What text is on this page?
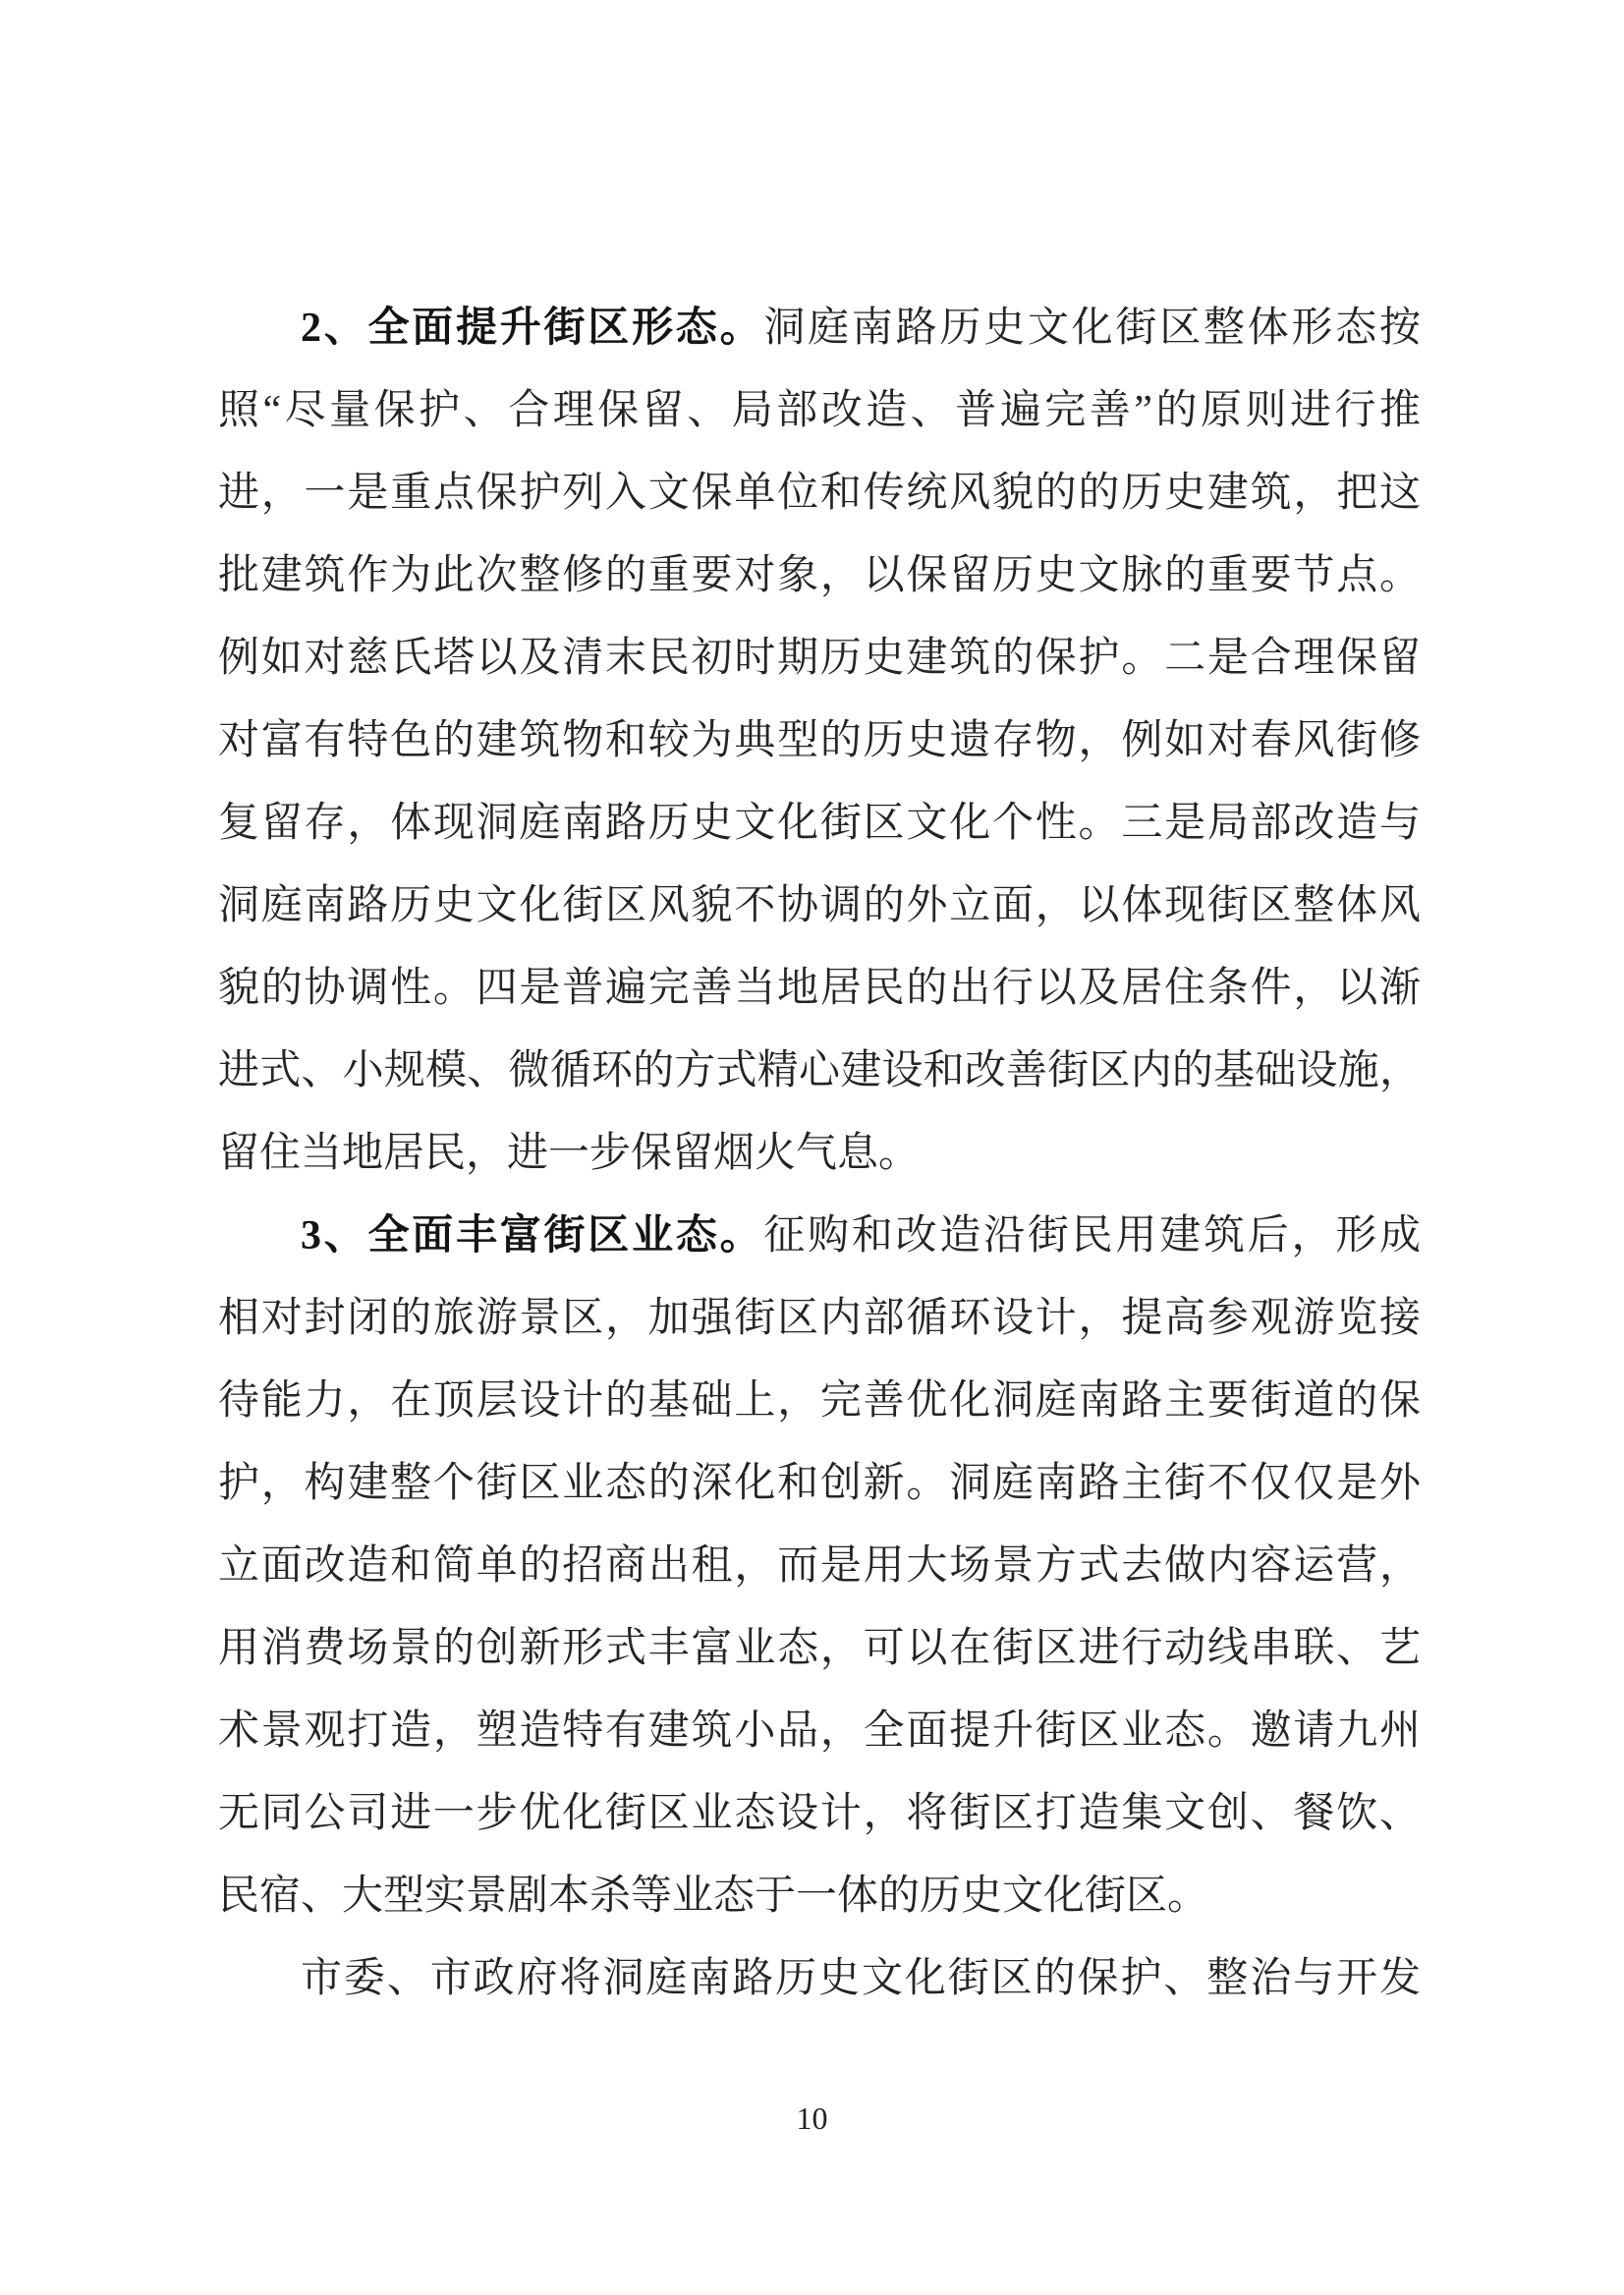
2、全面提升街区形态。洞庭南路历史文化街区整体形态按
照“尽量保护、合理保留、局部改造、普遍完善”的原则进行推
进，一是重点保护列入文保单位和传统风貌的的历史建筑，把这
批建筑作为此次整修的重要对象，以保留历史文脉的重要节点。
例如对慈氏塔以及清末民初时期历史建筑的保护。二是合理保留
对富有特色的建筑物和较为典型的历史遗存物，例如对春风街修
复留存，体现洞庭南路历史文化街区文化个性。三是局部改造与
洞庭南路历史文化街区风貌不协调的外立面，以体现街区整体风
貌的协调性。四是普遍完善当地居民的出行以及居住条件，以渐
进式、小规模、微循环的方式精心建设和改善街区内的基础设施，
留住当地居民，进一步保留烟火气息。
3、全面丰富街区业态。征购和改造沿街民用建筑后，形成
相对封闭的旅游景区，加强街区内部循环设计，提高参观游览接
待能力，在顶层设计的基础上，完善优化洞庭南路主要街道的保
护，构建整个街区业态的深化和创新。洞庭南路主街不仅仅是外
立面改造和简单的招商出租，而是用大场景方式去做内容运营，
用消费场景的创新形式丰富业态，可以在街区进行动线串联、艺
术景观打造，塑造特有建筑小品，全面提升街区业态。邀请九州
无同公司进一步优化街区业态设计，将街区打造集文创、餐饮、
民宿、大型实景剧本杀等业态于一体的历史文化街区。
市委、市政府将洞庭南路历史文化街区的保护、整治与开发
10
